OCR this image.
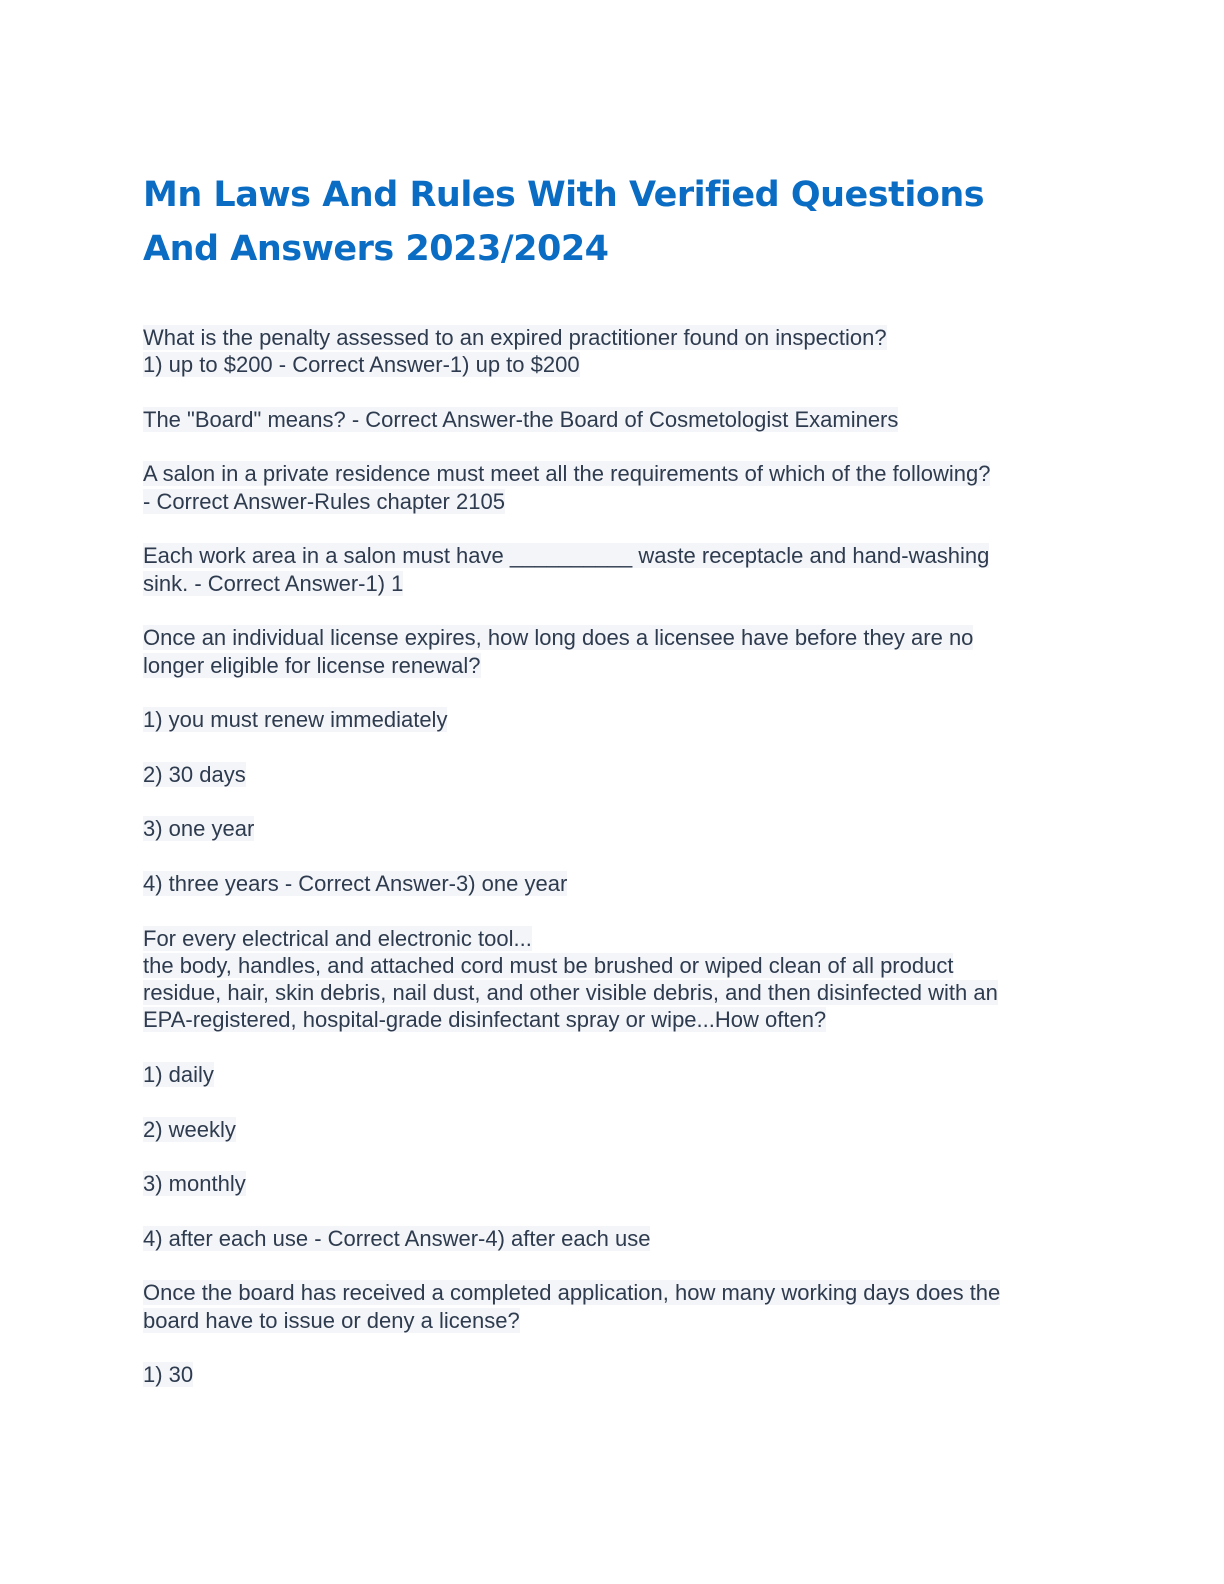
Mn Laws And Rules With Verified Questions
And Answers 2023/2024
What is the penalty assessed to an expired practitioner found on inspection?
1) up to $200 - Correct Answer-1) up to $200
The "Board" means? - Correct Answer-the Board of Cosmetologist Examiners
A salon in a private residence must meet all the requirements of which of the following?
- Correct Answer-Rules chapter 2105
Each work area in a salon must have __________ waste receptacle and hand-washing
sink. - Correct Answer-1) 1
Once an individual license expires, how long does a licensee have before they are no
longer eligible for license renewal?
1) you must renew immediately
2) 30 days
3) one year
4) three years - Correct Answer-3) one year
For every electrical and electronic tool...
the body, handles, and attached cord must be brushed or wiped clean of all product
residue, hair, skin debris, nail dust, and other visible debris, and then disinfected with an
EPA-registered, hospital-grade disinfectant spray or wipe...How often?
1) daily
2) weekly
3) monthly
4) after each use - Correct Answer-4) after each use
Once the board has received a completed application, how many working days does the
board have to issue or deny a license?
1) 30
